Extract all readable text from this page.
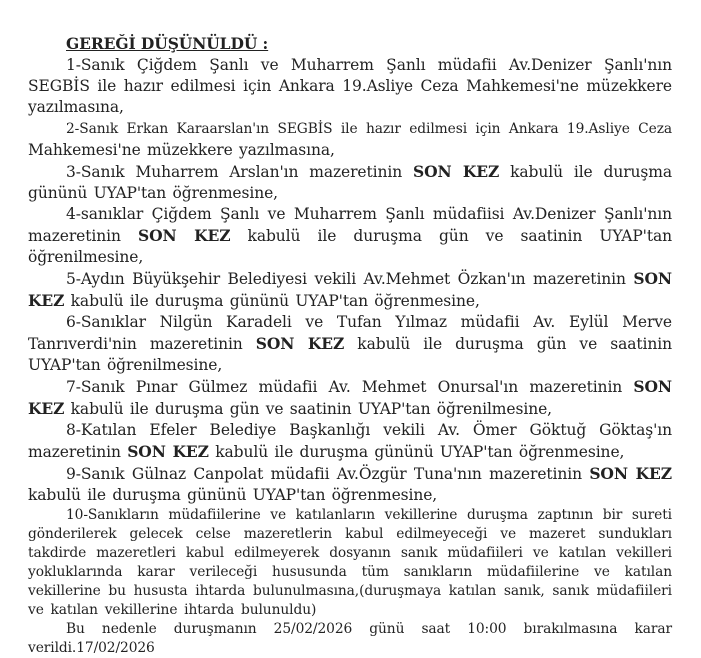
GEREĞİ DÜŞÜNÜLDÜ :

1-Sanık Çiğdem Şanlı ve Muharrem Şanlı müdafii Av.Denizer Şanlı'nın SEGBİS ile hazır edilmesi için Ankara 19.Asliye Ceza Mahkemesi'ne müzekkere yazılmasına,

2-Sanık Erkan Karaarslan'ın SEGBİS ile hazır edilmesi için Ankara 19.Asliye Ceza Mahkemesi'ne müzekkere yazılmasına,

3-Sanık Muharrem Arslan'ın mazeretinin SON KEZ kabulü ile duruşma gününü UYAP'tan öğrenmesine,

4-sanıklar Çiğdem Şanlı ve Muharrem Şanlı müdafiisi Av.Denizer Şanlı'nın mazeretinin SON KEZ kabulü ile duruşma gün ve saatinin UYAP'tan öğrenilmesine,

5-Aydın Büyükşehir Belediyesi vekili Av.Mehmet Özkan'ın mazeretinin SON KEZ kabulü ile duruşma gününü UYAP'tan öğrenmesine,

6-Sanıklar Nilgün Karadeli ve Tufan Yılmaz müdafii Av. Eylül Merve Tanrıverdi'nin mazeretinin SON KEZ kabulü ile duruşma gün ve saatinin UYAP'tan öğrenilmesine,

7-Sanık Pınar Gülmez müdafii Av. Mehmet Onursal'ın mazeretinin SON KEZ kabulü ile duruşma gün ve saatinin UYAP'tan öğrenilmesine,

8-Katılan Efeler Belediye Başkanlığı vekili Av. Ömer Göktuğ Göktaş'ın mazeretinin SON KEZ kabulü ile duruşma gününü UYAP'tan öğrenmesine,

9-Sanık Gülnaz Canpolat müdafii Av.Özgür Tuna'nın mazeretinin SON KEZ kabulü ile duruşma gününü UYAP'tan öğrenmesine,

10-Sanıkların müdafiilerine ve katılanların vekillerine duruşma zaptının bir sureti gönderilerek gelecek celse mazeretlerin kabul edilmeyeceği ve mazeret sundukları takdirde mazeretleri kabul edilmeyerek dosyanın sanık müdafiileri ve katılan vekilleri yokluklarında karar verileceği hususunda tüm sanıkların müdafiilerine ve katılan vekillerine bu hususta ihtarda bulunulmasına,(duruşmaya katılan sanık, sanık müdafiileri ve katılan vekillerine ihtarda bulunuldu)

Bu nedenle duruşmanın 25/02/2026 günü saat 10:00 bırakılmasına karar verildi.17/02/2026
